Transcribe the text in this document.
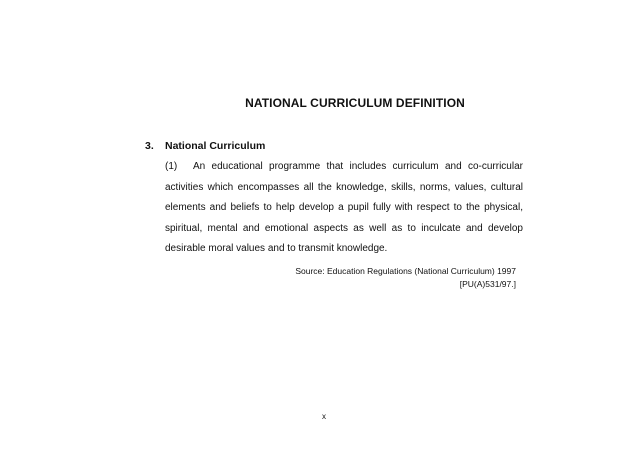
NATIONAL CURRICULUM DEFINITION
3. National Curriculum
(1) An educational programme that includes curriculum and co-curricular activities which encompasses all the knowledge, skills, norms, values, cultural elements and beliefs to help develop a pupil fully with respect to the physical, spiritual, mental and emotional aspects as well as to inculcate and develop desirable moral values and to transmit knowledge.
Source: Education Regulations (National Curriculum) 1997
[PU(A)531/97.]
x
